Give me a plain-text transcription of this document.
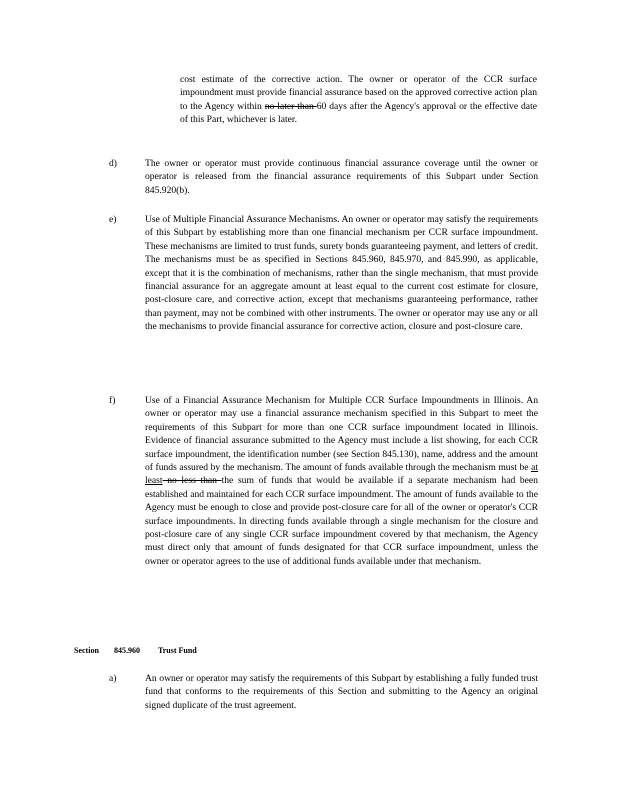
cost estimate of the corrective action. The owner or operator of the CCR surface impoundment must provide financial assurance based on the approved corrective action plan to the Agency within no later than 60 days after the Agency's approval or the effective date of this Part, whichever is later.

d)	The owner or operator must provide continuous financial assurance coverage until the owner or operator is released from the financial assurance requirements of this Subpart under Section 845.920(b).

e)	Use of Multiple Financial Assurance Mechanisms. An owner or operator may satisfy the requirements of this Subpart by establishing more than one financial mechanism per CCR surface impoundment. These mechanisms are limited to trust funds, surety bonds guaranteeing payment, and letters of credit. The mechanisms must be as specified in Sections 845.960, 845.970, and 845.990, as applicable, except that it is the combination of mechanisms, rather than the single mechanism, that must provide financial assurance for an aggregate amount at least equal to the current cost estimate for closure, post-closure care, and corrective action, except that mechanisms guaranteeing performance, rather than payment, may not be combined with other instruments. The owner or operator may use any or all the mechanisms to provide financial assurance for corrective action, closure and post-closure care.

f)	Use of a Financial Assurance Mechanism for Multiple CCR Surface Impoundments in Illinois. An owner or operator may use a financial assurance mechanism specified in this Subpart to meet the requirements of this Subpart for more than one CCR surface impoundment located in Illinois. Evidence of financial assurance submitted to the Agency must include a list showing, for each CCR surface impoundment, the identification number (see Section 845.130), name, address and the amount of funds assured by the mechanism. The amount of funds available through the mechanism must be at least no less than the sum of funds that would be available if a separate mechanism had been established and maintained for each CCR surface impoundment. The amount of funds available to the Agency must be enough to close and provide post-closure care for all of the owner or operator's CCR surface impoundments. In directing funds available through a single mechanism for the closure and post-closure care of any single CCR surface impoundment covered by that mechanism, the Agency must direct only that amount of funds designated for that CCR surface impoundment, unless the owner or operator agrees to the use of additional funds available under that mechanism.

Section 845.960 Trust Fund

a)	An owner or operator may satisfy the requirements of this Subpart by establishing a fully funded trust fund that conforms to the requirements of this Section and submitting to the Agency an original signed duplicate of the trust agreement.
